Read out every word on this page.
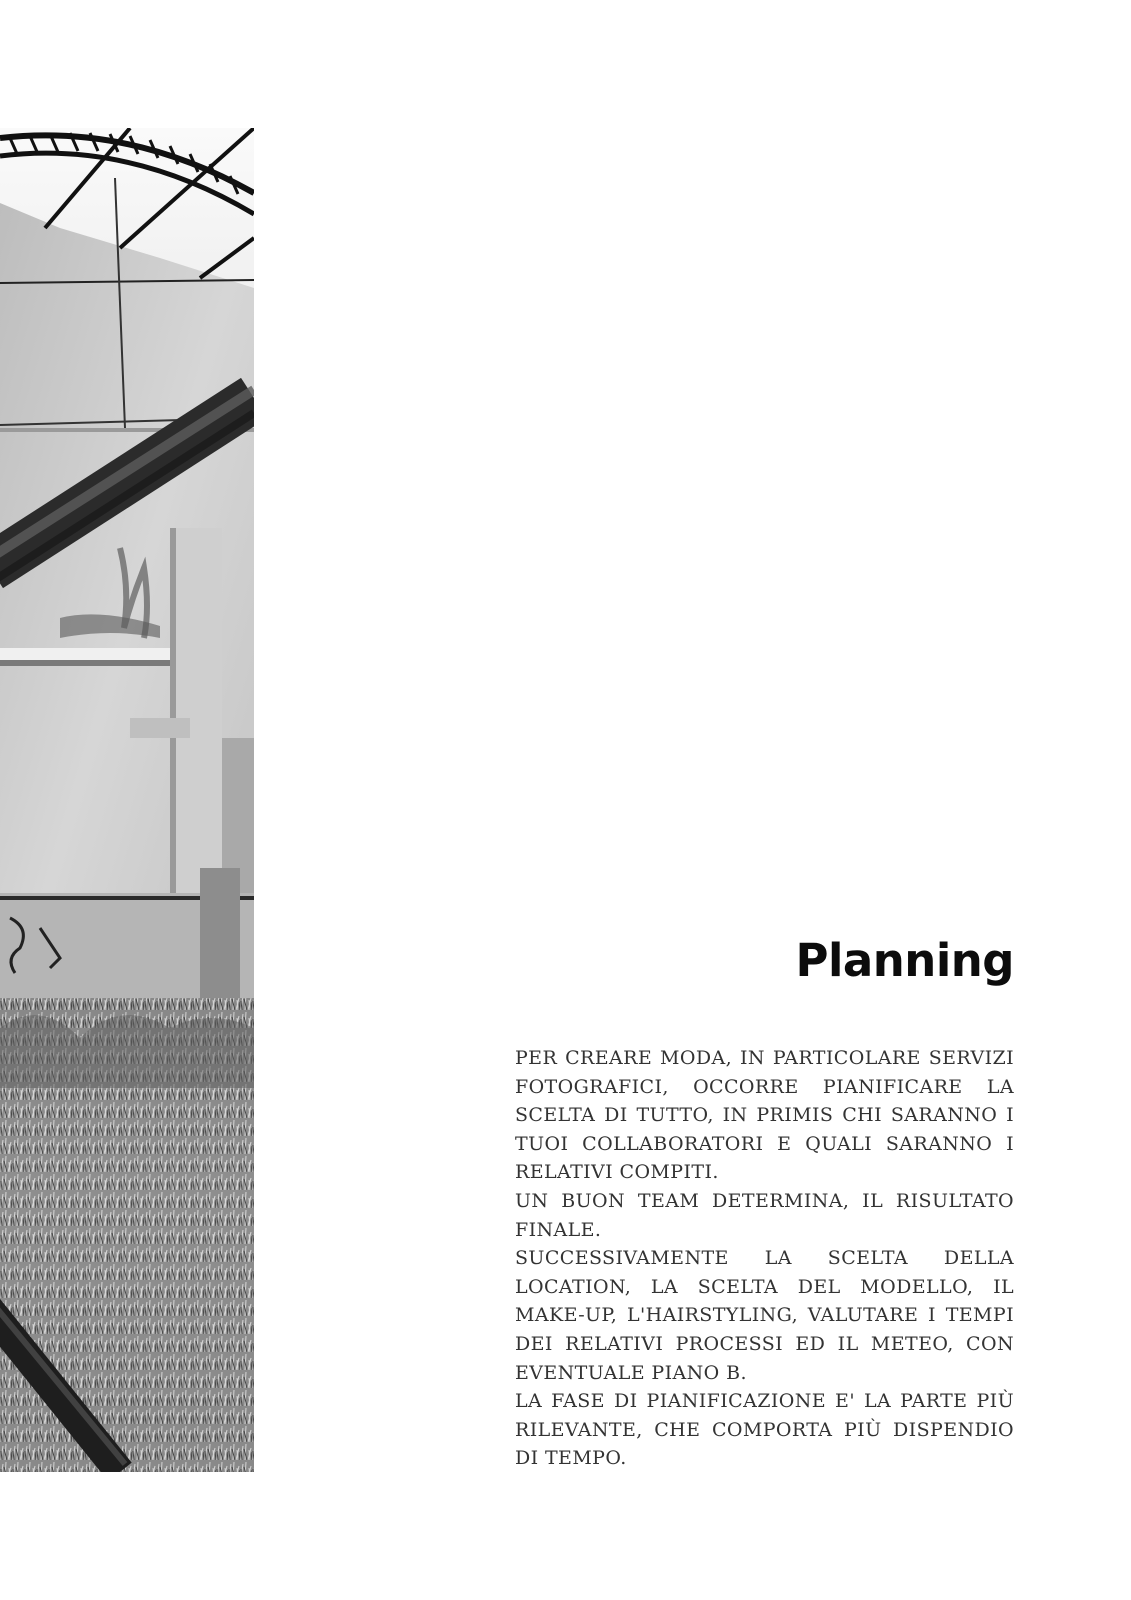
Planning

PER CREARE MODA, IN PARTICOLARE SERVIZI FOTOGRAFICI, OCCORRE PIANIFICARE LA SCELTA DI TUTTO, IN PRIMIS CHI SARANNO I TUOI COLLABORATORI E QUALI SARANNO I RELATIVI COMPITI.

UN BUON TEAM DETERMINA, IL RISULTATO FINALE.

SUCCESSIVAMENTE LA SCELTA DELLA LOCATION, LA SCELTA DEL MODELLO, IL MAKE-UP, L'HAIRSTYLING, VALUTARE I TEMPI DEI RELATIVI PROCESSI ED IL METEO, CON EVENTUALE PIANO B.

LA FASE DI PIANIFICAZIONE E' LA PARTE PIÙ RILEVANTE, CHE COMPORTA PIÙ DISPENDIO DI TEMPO.
